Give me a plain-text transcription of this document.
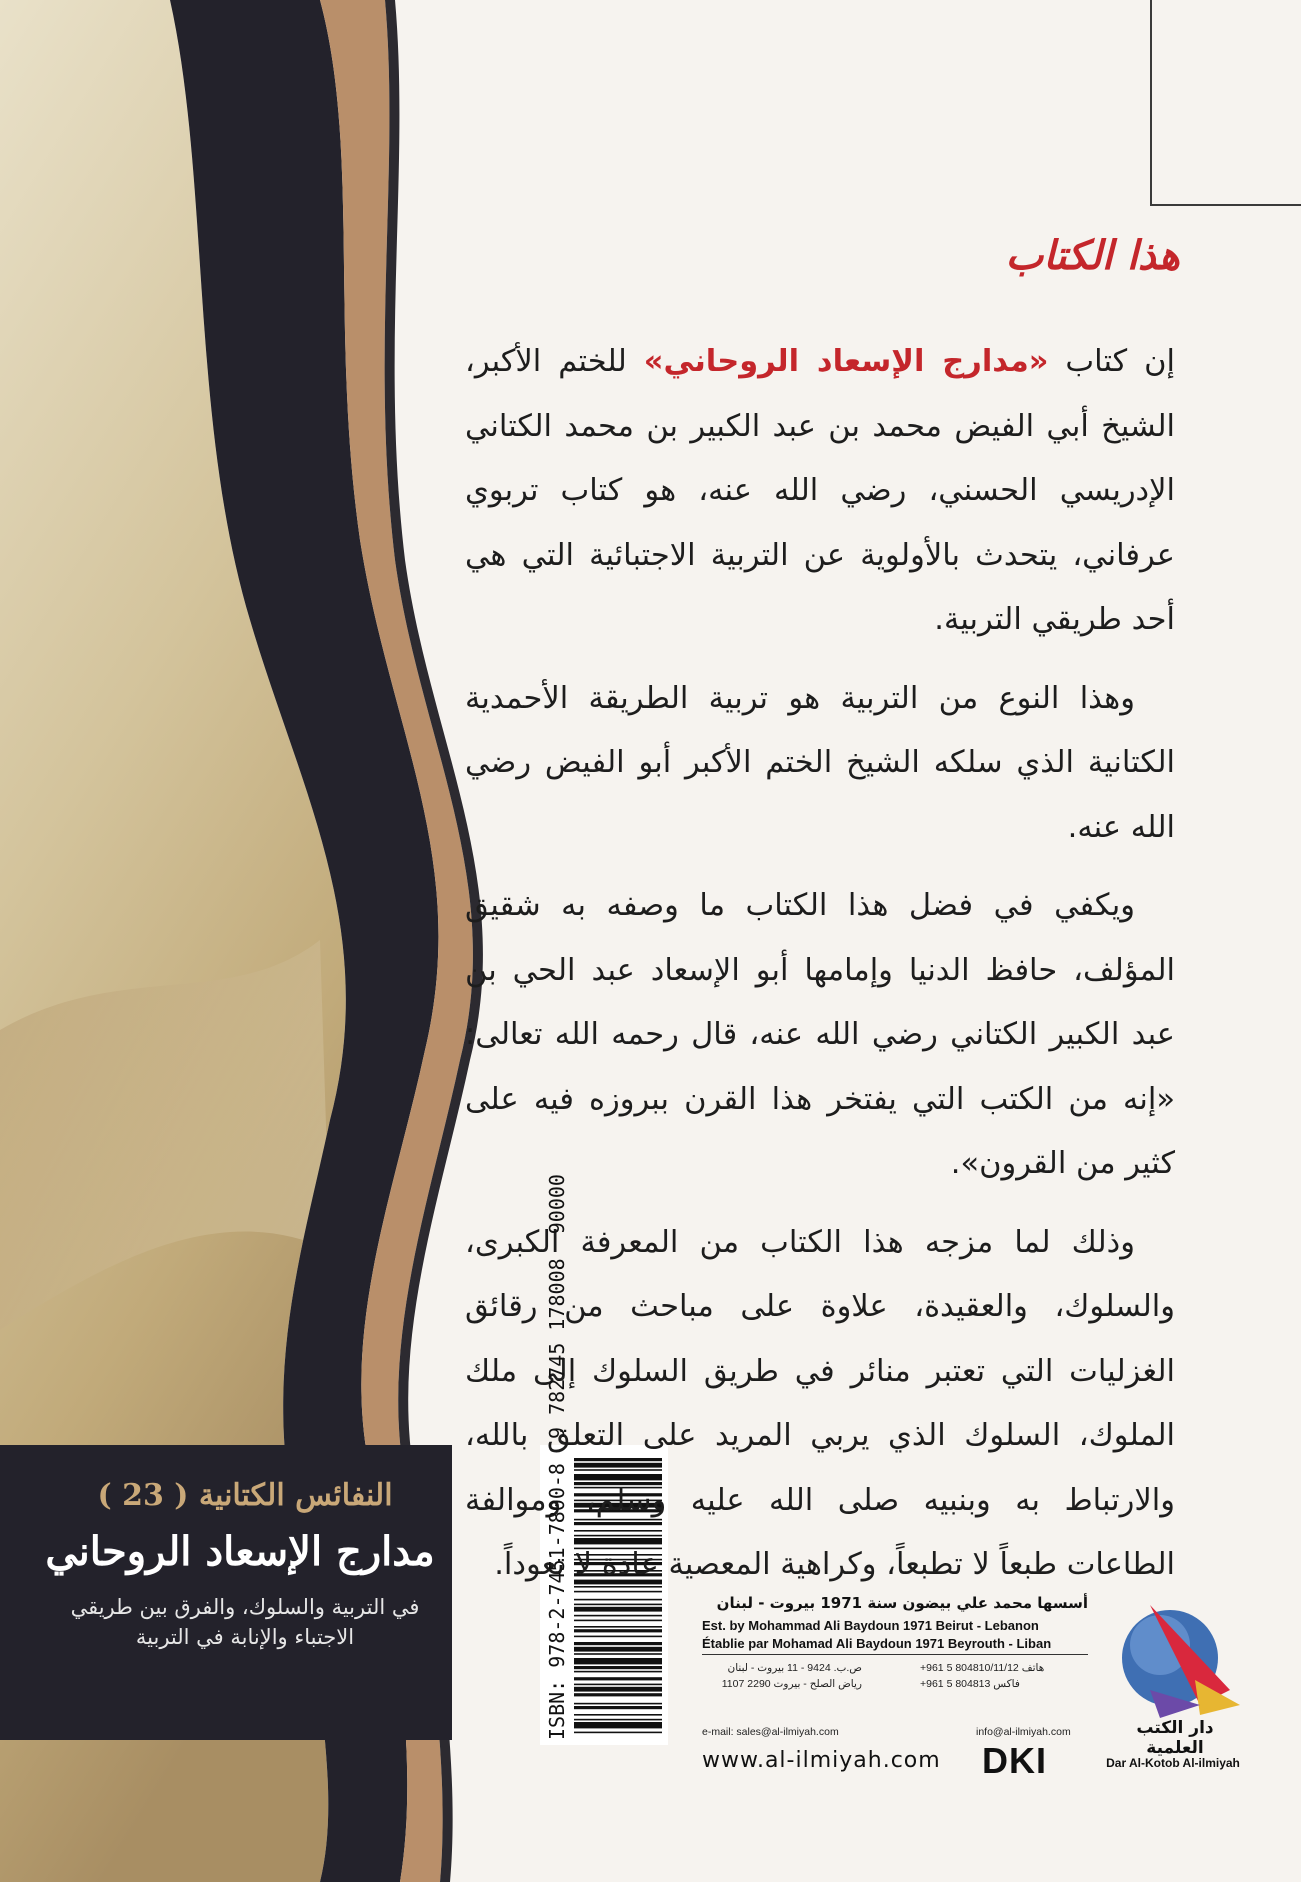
هذا الكتاب

إن كتاب «مدارج الإسعاد الروحاني» للختم الأكبر، الشيخ أبي الفيض محمد بن عبد الكبير بن محمد الكتاني الإدريسي الحسني، رضي الله عنه، هو كتاب تربوي عرفاني، يتحدث بالأولوية عن التربية الاجتبائية التي هي أحد طريقي التربية.

وهذا النوع من التربية هو تربية الطريقة الأحمدية الكتانية الذي سلكه الشيخ الختم الأكبر أبو الفيض رضي الله عنه.

ويكفي في فضل هذا الكتاب ما وصفه به شقيق المؤلف، حافظ الدنيا وإمامها أبو الإسعاد عبد الحي بن عبد الكبير الكتاني رضي الله عنه، قال رحمه الله تعالى: «إنه من الكتب التي يفتخر هذا القرن ببروزه فيه على كثير من القرون».

وذلك لما مزجه هذا الكتاب من المعرفة الكبرى، والسلوك، والعقيدة، علاوة على مباحث من رقائق الغزليات التي تعتبر منائر في طريق السلوك إلى ملك الملوك، السلوك الذي يربي المريد على التعلق بالله، والارتباط به وبنبيه صلى الله عليه وسلم، وموالفة الطاعات طبعاً لا تطبعاً، وكراهية المعصية عادة لا تعوداً.

النفائس الكتانية ( 23 )
مدارج الإسعاد الروحاني
في التربية والسلوك، والفرق بين طريقي الاجتباء والإنابة في التربية	ISBN: 978-2-7451-7800-8  9 782745 178008  90000
أسسها محمد علي بيضون سنة 1971 بيروت - لبنان
Est. by Mohammad Ali Baydoun 1971 Beirut - Lebanon
Établie par Mohamad Ali Baydoun 1971 Beyrouth - Liban
+961 5 804810/11/12 هاتف
+961 5 804813 فاكس
ص.ب. 9424 - 11 بيروت - لبنان
رياض الصلح - بيروت 2290 1107
e-mail: sales@al-ilmiyah.com	info@al-ilmiyah.com
www.al-ilmiyah.com DKI
دار الكتب العلمية
Dar Al-Kotob Al-ilmiyah
